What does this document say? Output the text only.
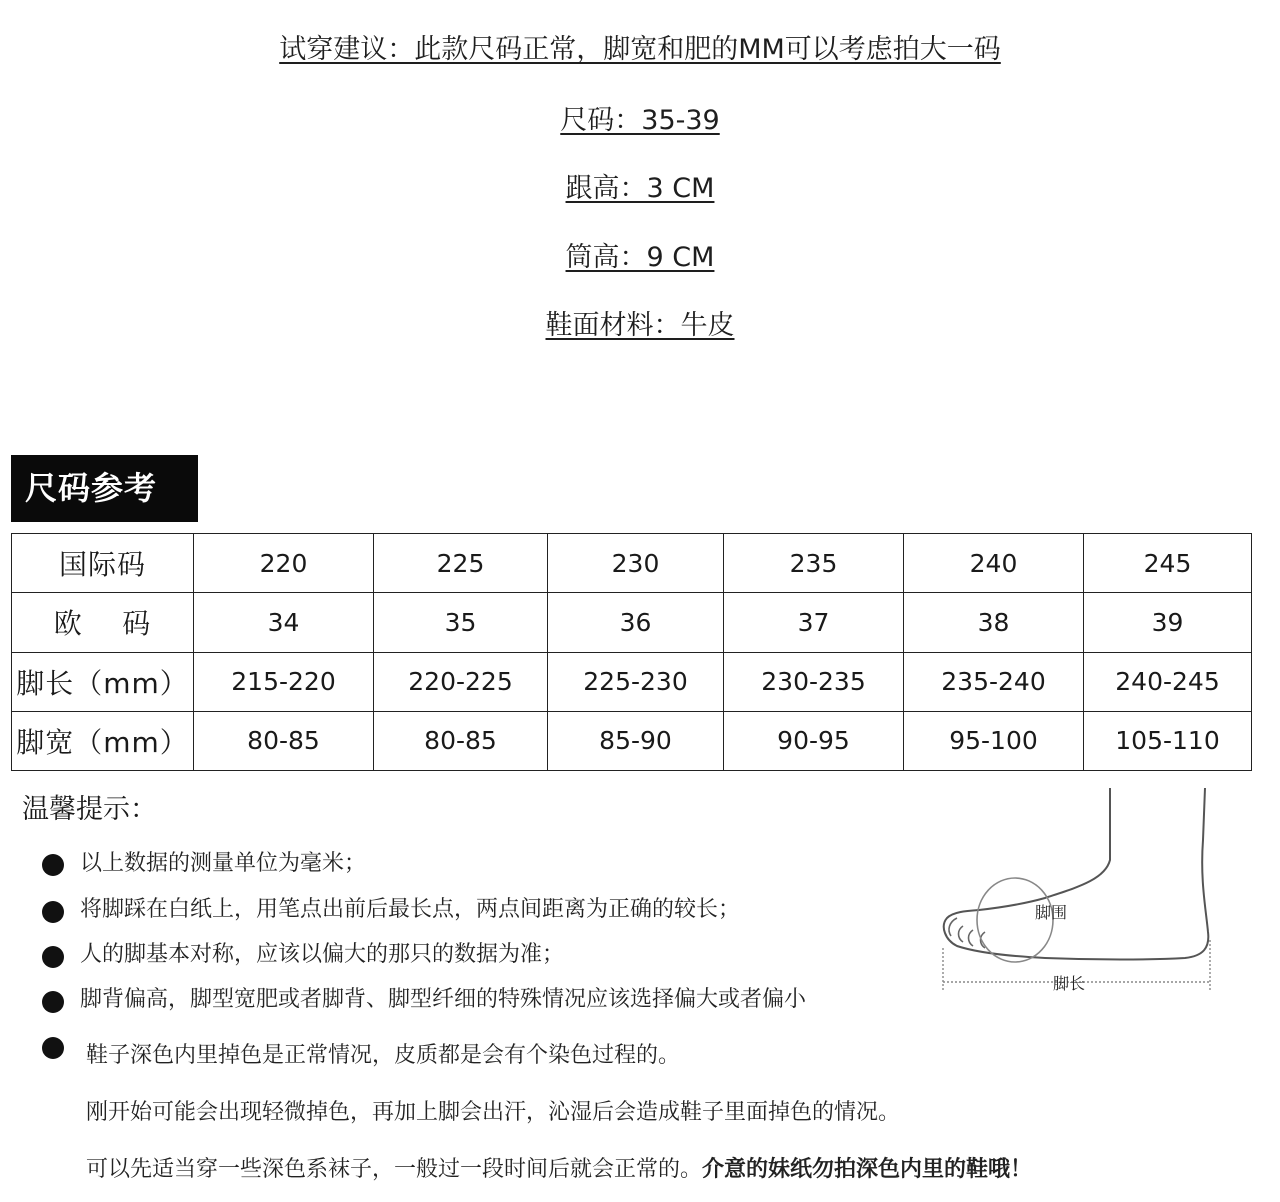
试穿建议：此款尺码正常，脚宽和肥的MM可以考虑拍大一码
尺码：35-39
跟高：3 CM
筒高：9 CM
鞋面材料：牛皮
尺码参考
国际码	220	225	230	235	240	245
欧    码	34	35	36	37	38	39
脚长（mm）	215-220	220-225	225-230	230-235	235-240	240-245
脚宽（mm）	80-85	80-85	85-90	90-95	95-100	105-110
温馨提示：
以上数据的测量单位为毫米；
将脚踩在白纸上，用笔点出前后最长点，两点间距离为正确的较长；
人的脚基本对称，应该以偏大的那只的数据为准；
脚背偏高，脚型宽肥或者脚背、脚型纤细的特殊情况应该选择偏大或者偏小
鞋子深色内里掉色是正常情况，皮质都是会有个染色过程的。
刚开始可能会出现轻微掉色，再加上脚会出汗，沁湿后会造成鞋子里面掉色的情况。
可以先适当穿一些深色系袜子，一般过一段时间后就会正常的。介意的妹纸勿拍深色内里的鞋哦！
脚围
脚长
